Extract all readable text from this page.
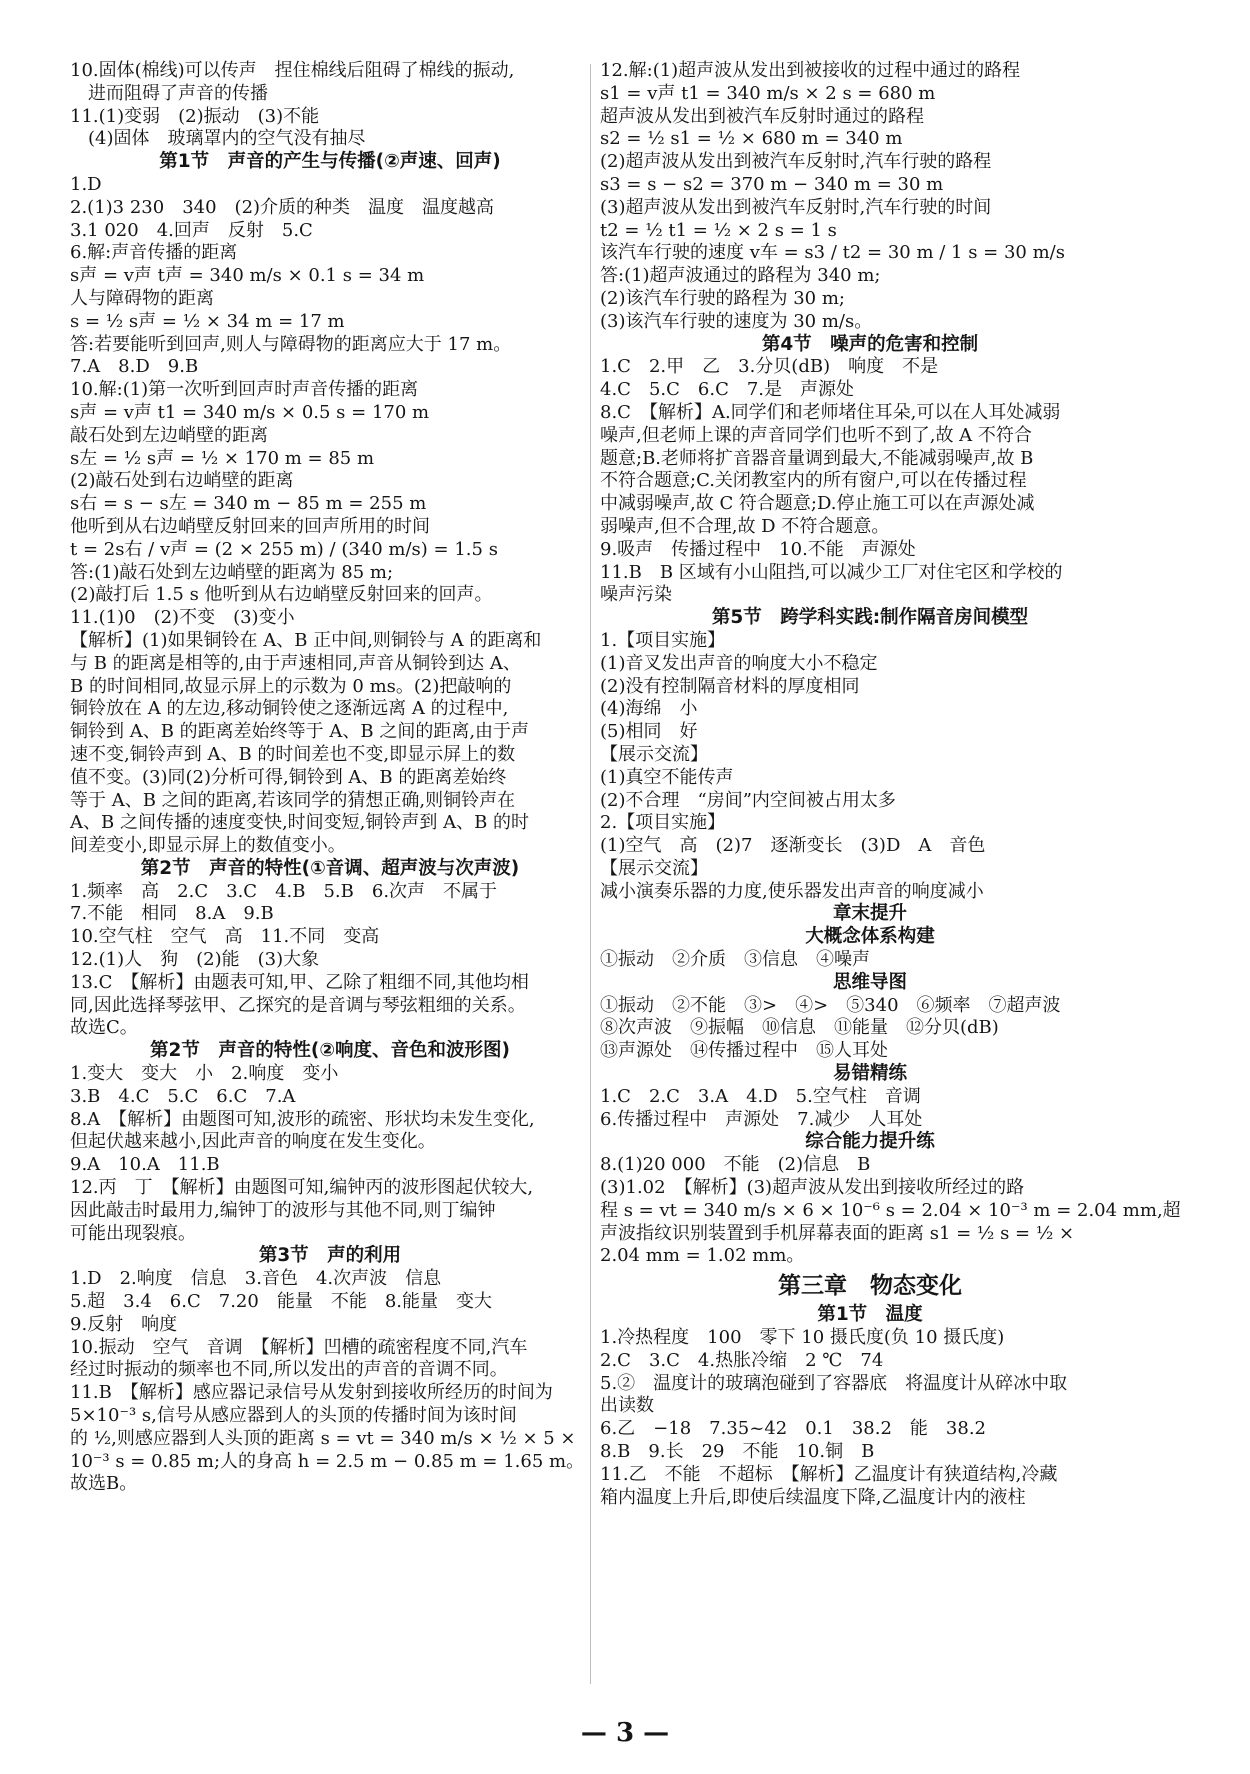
10.固体(棉线)可以传声　捏住棉线后阻碍了棉线的振动,
　进而阻碍了声音的传播
11.(1)变弱　(2)振动　(3)不能
　(4)固体　玻璃罩内的空气没有抽尽
第1节　声音的产生与传播(②声速、回声)
1.D
2.(1)3 230　340　(2)介质的种类　温度　温度越高
3.1 020　4.回声　反射　5.C
6.解:声音传播的距离
s声 = v声 t声 = 340 m/s × 0.1 s = 34 m
人与障碍物的距离
s = ½ s声 = ½ × 34 m = 17 m
答:若要能听到回声,则人与障碍物的距离应大于 17 m。
7.A　8.D　9.B
10.解:(1)第一次听到回声时声音传播的距离
s声 = v声 t1 = 340 m/s × 0.5 s = 170 m
敲石处到左边峭壁的距离
s左 = ½ s声 = ½ × 170 m = 85 m
(2)敲石处到右边峭壁的距离
s右 = s − s左 = 340 m − 85 m = 255 m
他听到从右边峭壁反射回来的回声所用的时间
t = 2s右 / v声 = (2 × 255 m) / (340 m/s) = 1.5 s
答:(1)敲石处到左边峭壁的距离为 85 m;
(2)敲打后 1.5 s 他听到从右边峭壁反射回来的回声。
11.(1)0　(2)不变　(3)变小
【解析】(1)如果铜铃在 A、B 正中间,则铜铃与 A 的距离和
与 B 的距离是相等的,由于声速相同,声音从铜铃到达 A、
B 的时间相同,故显示屏上的示数为 0 ms。(2)把敲响的
铜铃放在 A 的左边,移动铜铃使之逐渐远离 A 的过程中,
铜铃到 A、B 的距离差始终等于 A、B 之间的距离,由于声
速不变,铜铃声到 A、B 的时间差也不变,即显示屏上的数
值不变。(3)同(2)分析可得,铜铃到 A、B 的距离差始终
等于 A、B 之间的距离,若该同学的猜想正确,则铜铃声在
A、B 之间传播的速度变快,时间变短,铜铃声到 A、B 的时
间差变小,即显示屏上的数值变小。
第2节　声音的特性(①音调、超声波与次声波)
1.频率　高　2.C　3.C　4.B　5.B　6.次声　不属于
7.不能　相同　8.A　9.B
10.空气柱　空气　高　11.不同　变高
12.(1)人　狗　(2)能　(3)大象
13.C　【解析】由题表可知,甲、乙除了粗细不同,其他均相
同,因此选择琴弦甲、乙探究的是音调与琴弦粗细的关系。
故选C。
第2节　声音的特性(②响度、音色和波形图)
1.变大　变大　小　2.响度　变小
3.B　4.C　5.C　6.C　7.A
8.A　【解析】由题图可知,波形的疏密、形状均未发生变化,
但起伏越来越小,因此声音的响度在发生变化。
9.A　10.A　11.B
12.丙　丁　【解析】由题图可知,编钟丙的波形图起伏较大,
因此敲击时最用力,编钟丁的波形与其他不同,则丁编钟
可能出现裂痕。
第3节　声的利用
1.D　2.响度　信息　3.音色　4.次声波　信息
5.超　3.4　6.C　7.20　能量　不能　8.能量　变大
9.反射　响度
10.振动　空气　音调　【解析】凹槽的疏密程度不同,汽车
经过时振动的频率也不同,所以发出的声音的音调不同。
11.B　【解析】感应器记录信号从发射到接收所经历的时间为
5×10⁻³ s,信号从感应器到人的头顶的传播时间为该时间
的 ½,则感应器到人头顶的距离 s = vt = 340 m/s × ½ × 5 ×
10⁻³ s = 0.85 m;人的身高 h = 2.5 m − 0.85 m = 1.65 m。
故选B。
12.解:(1)超声波从发出到被接收的过程中通过的路程
s1 = v声 t1 = 340 m/s × 2 s = 680 m
超声波从发出到被汽车反射时通过的路程
s2 = ½ s1 = ½ × 680 m = 340 m
(2)超声波从发出到被汽车反射时,汽车行驶的路程
s3 = s − s2 = 370 m − 340 m = 30 m
(3)超声波从发出到被汽车反射时,汽车行驶的时间
t2 = ½ t1 = ½ × 2 s = 1 s
该汽车行驶的速度 v车 = s3 / t2 = 30 m / 1 s = 30 m/s
答:(1)超声波通过的路程为 340 m;
(2)该汽车行驶的路程为 30 m;
(3)该汽车行驶的速度为 30 m/s。
第4节　噪声的危害和控制
1.C　2.甲　乙　3.分贝(dB)　响度　不是
4.C　5.C　6.C　7.是　声源处
8.C　【解析】A.同学们和老师堵住耳朵,可以在人耳处减弱
噪声,但老师上课的声音同学们也听不到了,故 A 不符合
题意;B.老师将扩音器音量调到最大,不能减弱噪声,故 B
不符合题意;C.关闭教室内的所有窗户,可以在传播过程
中减弱噪声,故 C 符合题意;D.停止施工可以在声源处减
弱噪声,但不合理,故 D 不符合题意。
9.吸声　传播过程中　10.不能　声源处
11.B　B 区域有小山阻挡,可以减少工厂对住宅区和学校的
噪声污染
第5节　跨学科实践:制作隔音房间模型
1.【项目实施】
(1)音叉发出声音的响度大小不稳定
(2)没有控制隔音材料的厚度相同
(4)海绵　小
(5)相同　好
【展示交流】
(1)真空不能传声
(2)不合理　“房间”内空间被占用太多
2.【项目实施】
(1)空气　高　(2)7　逐渐变长　(3)D　A　音色
【展示交流】
减小演奏乐器的力度,使乐器发出声音的响度减小
章末提升
大概念体系构建
①振动　②介质　③信息　④噪声
思维导图
①振动　②不能　③>　④>　⑤340　⑥频率　⑦超声波
⑧次声波　⑨振幅　⑩信息　⑪能量　⑫分贝(dB)
⑬声源处　⑭传播过程中　⑮人耳处
易错精练
1.C　2.C　3.A　4.D　5.空气柱　音调
6.传播过程中　声源处　7.减少　人耳处
综合能力提升练
8.(1)20 000　不能　(2)信息　B
(3)1.02　【解析】(3)超声波从发出到接收所经过的路
程 s = vt = 340 m/s × 6 × 10⁻⁶ s = 2.04 × 10⁻³ m = 2.04 mm,超
声波指纹识别装置到手机屏幕表面的距离 s1 = ½ s = ½ ×
2.04 mm = 1.02 mm。
第三章　物态变化
第1节　温度
1.冷热程度　100　零下 10 摄氏度(负 10 摄氏度)
2.C　3.C　4.热胀冷缩　2 ℃　74
5.②　温度计的玻璃泡碰到了容器底　将温度计从碎冰中取
出读数
6.乙　−18　7.35~42　0.1　38.2　能　38.2
8.B　9.长　29　不能　10.铜　B
11.乙　不能　不超标　【解析】乙温度计有狭道结构,冷藏
箱内温度上升后,即使后续温度下降,乙温度计内的液柱
— 3 —
